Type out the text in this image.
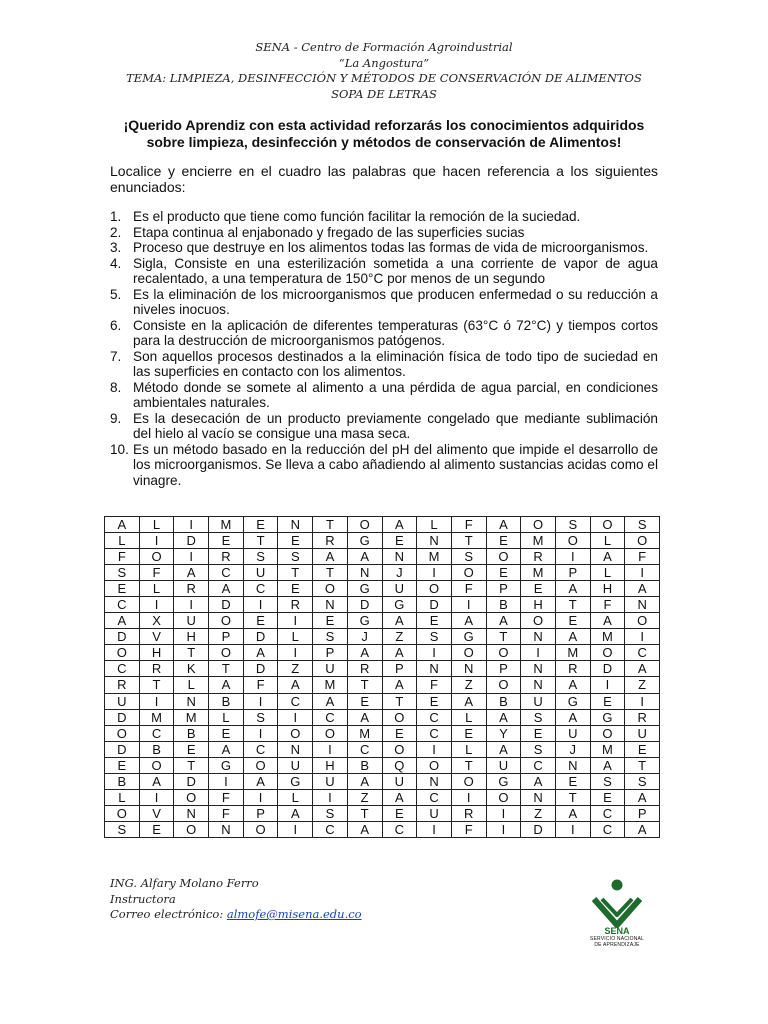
SENA - Centro de Formación Agroindustrial
“La Angostura”
TEMA: LIMPIEZA, DESINFECCIÓN Y MÉTODOS DE CONSERVACIÓN DE ALIMENTOS
SOPA DE LETRAS
¡Querido Aprendiz con esta actividad reforzarás los conocimientos adquiridos
sobre limpieza, desinfección y métodos de conservación de Alimentos!
Localice y encierre en el cuadro las palabras que hacen referencia a los siguientes enunciados:
1. Es el producto que tiene como función facilitar la remoción de la suciedad.
2. Etapa continua al enjabonado y fregado de las superficies sucias
3. Proceso que destruye en los alimentos todas las formas de vida de microorganismos.
4. Sigla, Consiste en una esterilización sometida a una corriente de vapor de agua recalentado, a una temperatura de 150°C por menos de un segundo
5. Es la eliminación de los microorganismos que producen enfermedad o su reducción a niveles inocuos.
6. Consiste en la aplicación de diferentes temperaturas (63°C ó 72°C) y tiempos cortos para la destrucción de microorganismos patógenos.
7. Son aquellos procesos destinados a la eliminación física de todo tipo de suciedad en las superficies en contacto con los alimentos.
8. Método donde se somete al alimento a una pérdida de agua parcial, en condiciones ambientales naturales.
9. Es la desecación de un producto previamente congelado que mediante sublimación del hielo al vacío se consigue una masa seca.
10. Es un método basado en la reducción del pH del alimento que impide el desarrollo de los microorganismos. Se lleva a cabo añadiendo al alimento sustancias acidas como el vinagre.
A	L	I	M	E	N	T	O	A	L	F	A	O	S	O	S
L	I	D	E	T	E	R	G	E	N	T	E	M	O	L	O
F	O	I	R	S	S	A	A	N	M	S	O	R	I	A	F
S	F	A	C	U	T	T	N	J	I	O	E	M	P	L	I
E	L	R	A	C	E	O	G	U	O	F	P	E	A	H	A
C	I	I	D	I	R	N	D	G	D	I	B	H	T	F	N
A	X	U	O	E	I	E	G	A	E	A	A	O	E	A	O
D	V	H	P	D	L	S	J	Z	S	G	T	N	A	M	I
O	H	T	O	A	I	P	A	A	I	O	O	I	M	O	C
C	R	K	T	D	Z	U	R	P	N	N	P	N	R	D	A
R	T	L	A	F	A	M	T	A	F	Z	O	N	A	I	Z
U	I	N	B	I	C	A	E	T	E	A	B	U	G	E	I
D	M	M	L	S	I	C	A	O	C	L	A	S	A	G	R
O	C	B	E	I	O	O	M	E	C	E	Y	E	U	O	U
D	B	E	A	C	N	I	C	O	I	L	A	S	J	M	E
E	O	T	G	O	U	H	B	Q	O	T	U	C	N	A	T
B	A	D	I	A	G	U	A	U	N	O	G	A	E	S	S
L	I	O	F	I	L	I	Z	A	C	I	O	N	T	E	A
O	V	N	F	P	A	S	T	E	U	R	I	Z	A	C	P
S	E	O	N	O	I	C	A	C	I	F	I	D	I	C	A
ING. Alfary Molano Ferro
Instructora
Correo electrónico: almofe@misena.edu.co
SENA
SERVICIO NACIONAL
DE APRENDIZAJE
